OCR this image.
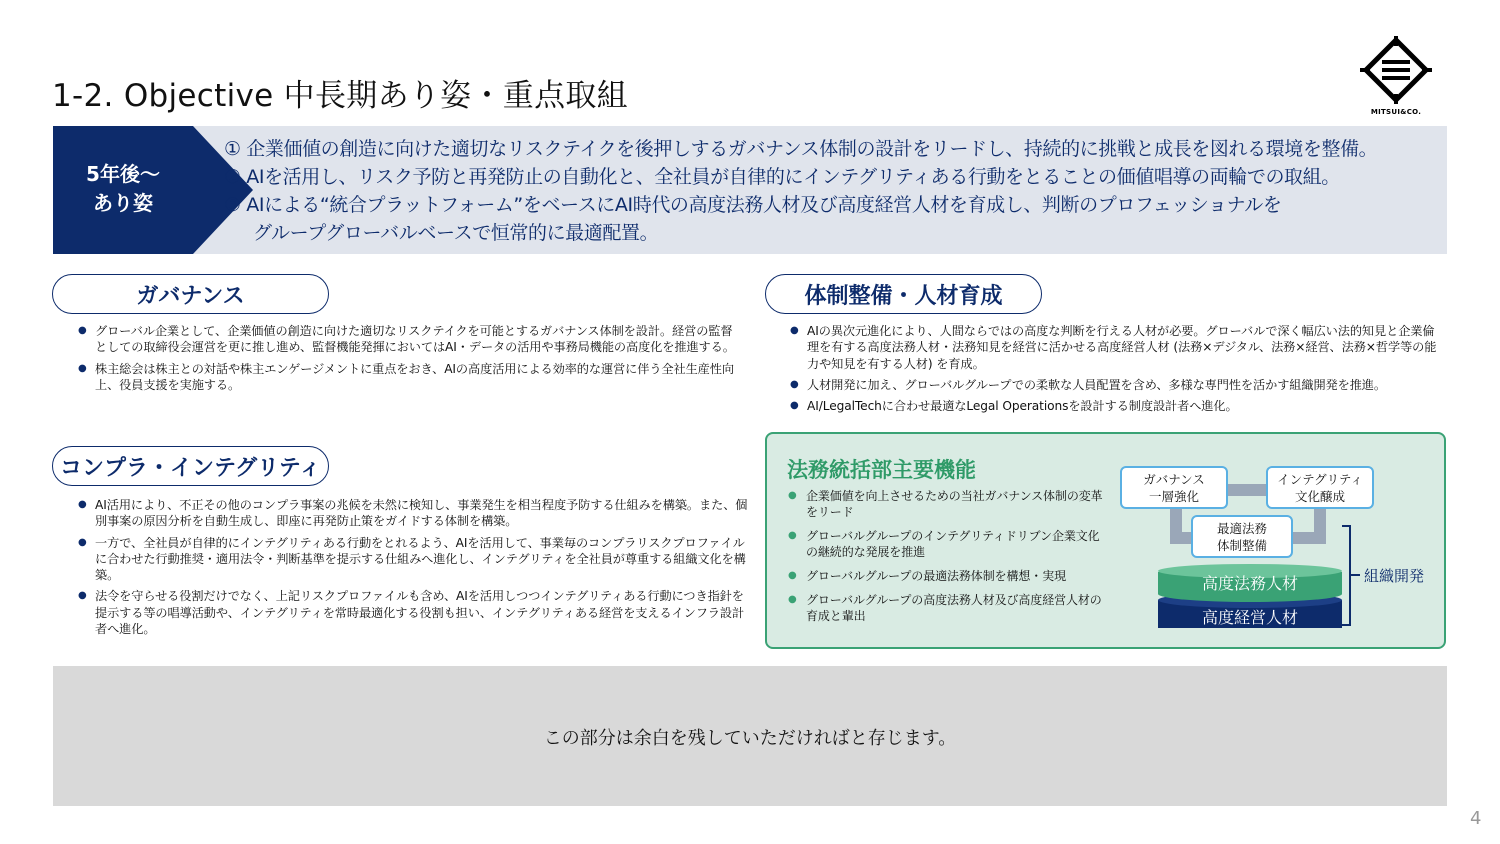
1-2. Objective 中長期あり姿・重点取組	MITSUI&CO.
5年後～
あり姿
① 企業価値の創造に向けた適切なリスクテイクを後押しするガバナンス体制の設計をリードし、持続的に挑戦と成長を図れる環境を整備。
② AIを活用し、リスク予防と再発防止の自動化と、全社員が自律的にインテグリティある行動をとることの価値唱導の両輪での取組。
③ AIによる“統合プラットフォーム”をベースにAI時代の高度法務人材及び高度経営人材を育成し、判断のプロフェッショナルを
グループグローバルベースで恒常的に最適配置。
ガバナンス
● グローバル企業として、企業価値の創造に向けた適切なリスクテイクを可能とするガバナンス体制を設計。経営の監督としての取締役会運営を更に推し進め、監督機能発揮においてはAI・データの活用や事務局機能の高度化を推進する。
● 株主総会は株主との対話や株主エンゲージメントに重点をおき、AIの高度活用による効率的な運営に伴う全社生産性向上、役員支援を実施する。
コンプラ・インテグリティ
● AI活用により、不正その他のコンプラ事案の兆候を未然に検知し、事業発生を相当程度予防する仕組みを構築。また、個別事案の原因分析を自動生成し、即座に再発防止策をガイドする体制を構築。
● 一方で、全社員が自律的にインテグリティある行動をとれるよう、AIを活用して、事業毎のコンプラリスクプロファイルに合わせた行動推奨・適用法令・判断基準を提示する仕組みへ進化し、インテグリティを全社員が尊重する組織文化を構築。
● 法令を守らせる役割だけでなく、上記リスクプロファイルも含め、AIを活用しつつインテグリティある行動につき指針を提示する等の唱導活動や、インテグリティを常時最適化する役割も担い、インテグリティある経営を支えるインフラ設計者へ進化。
体制整備・人材育成
● AIの異次元進化により、人間ならではの高度な判断を行える人材が必要。グローバルで深く幅広い法的知見と企業倫理を有する高度法務人材・法務知見を経営に活かせる高度経営人材 (法務×デジタル、法務×経営、法務×哲学等の能力や知見を有する人材) を育成。
● 人材開発に加え、グローバルグループでの柔軟な人員配置を含め、多様な専門性を活かす組織開発を推進。
● AI/LegalTechに合わせ最適なLegal Operationsを設計する制度設計者へ進化。
法務統括部主要機能
● 企業価値を向上させるための当社ガバナンス体制の変革をリード
● グローバルグループのインテグリティドリブン企業文化の継続的な発展を推進
● グローバルグループの最適法務体制を構想・実現
● グローバルグループの高度法務人材及び高度経営人材の育成と輩出
ガバナンス
一層強化
インテグリティ
文化醸成
最適法務
体制整備
高度法務人材
高度経営人材
組織開発
この部分は余白を残していただければと存じます。
4
